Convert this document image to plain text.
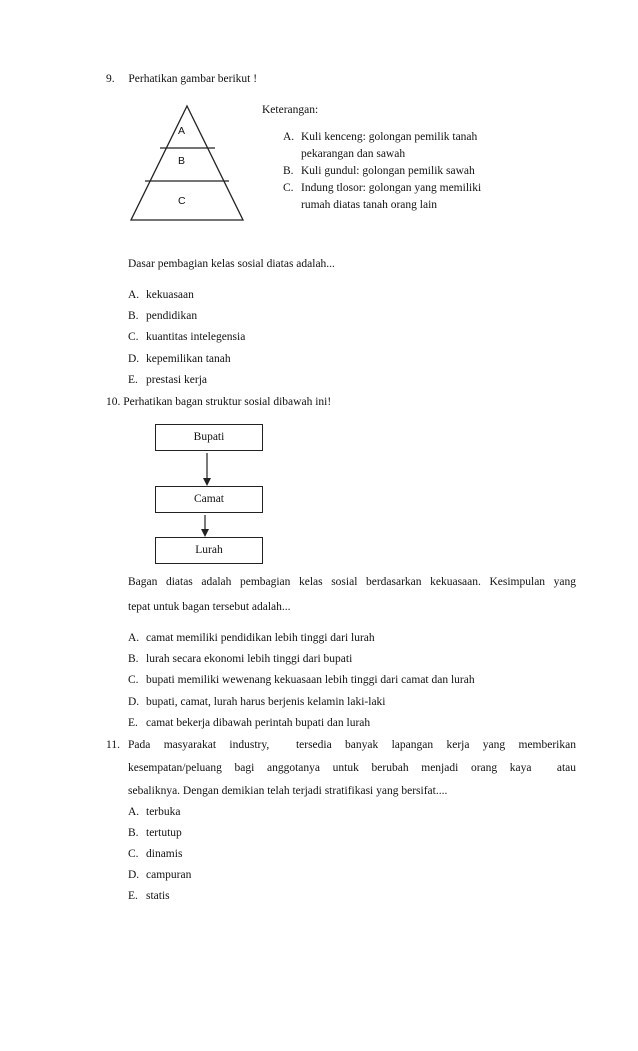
9. Perhatikan gambar berikut !
A
B
C
Keterangan:
A. Kuli kenceng: golongan pemilik tanah
pekarangan dan sawah
B. Kuli gundul: golongan pemilik sawah
C. Indung tlosor: golongan yang memiliki
rumah diatas tanah orang lain
Dasar pembagian kelas sosial diatas adalah...
A. kekuasaan
B. pendidikan
C. kuantitas intelegensia
D. kepemilikan tanah
E. prestasi kerja
10. Perhatikan bagan struktur sosial dibawah ini!
Bupati
Camat
Lurah
Bagan diatas adalah pembagian kelas sosial berdasarkan kekuasaan. Kesimpulan yang
tepat untuk bagan tersebut adalah...
A. camat memiliki pendidikan lebih tinggi dari lurah
B. lurah secara ekonomi lebih tinggi dari bupati
C. bupati memiliki wewenang kekuasaan lebih tinggi dari camat dan lurah
D. bupati, camat, lurah harus berjenis kelamin laki-laki
E. camat bekerja dibawah perintah bupati dan lurah
11. Pada masyarakat industry,  tersedia banyak lapangan kerja yang memberikan
kesempatan/peluang bagi anggotanya untuk berubah menjadi orang kaya  atau
sebaliknya. Dengan demikian telah terjadi stratifikasi yang bersifat....
A. terbuka
B. tertutup
C. dinamis
D. campuran
E. statis
